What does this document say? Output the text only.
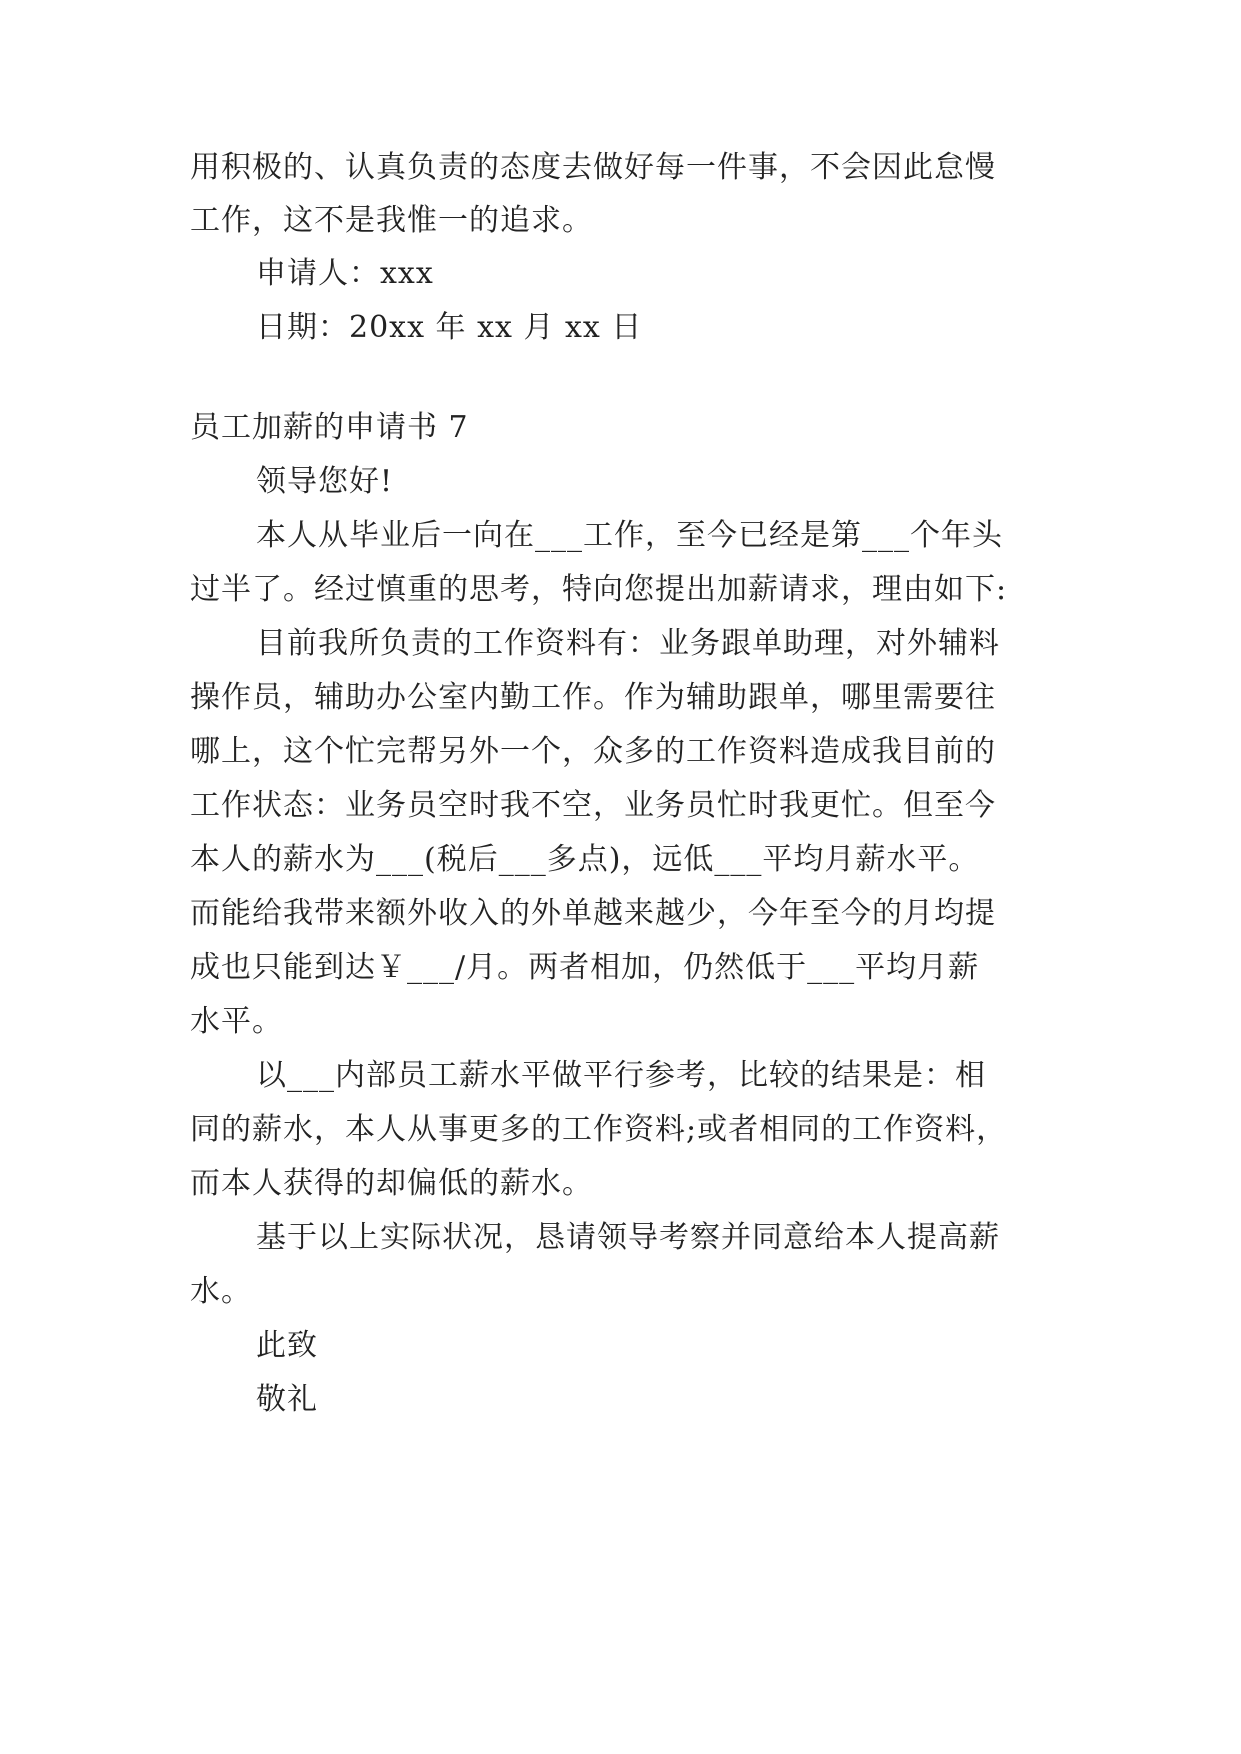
用积极的、认真负责的态度去做好每一件事，不会因此怠慢
工作，这不是我惟一的追求。
申请人：xxx
日期：20xx 年 xx 月 xx 日
员工加薪的申请书 7
领导您好!
本人从毕业后一向在___工作，至今已经是第___个年头
过半了。经过慎重的思考，特向您提出加薪请求，理由如下:
目前我所负责的工作资料有：业务跟单助理，对外辅料
操作员，辅助办公室内勤工作。作为辅助跟单，哪里需要往
哪上，这个忙完帮另外一个，众多的工作资料造成我目前的
工作状态：业务员空时我不空，业务员忙时我更忙。但至今
本人的薪水为___(税后___多点)，远低___平均月薪水平。
而能给我带来额外收入的外单越来越少，今年至今的月均提
成也只能到达￥___/月。两者相加，仍然低于___平均月薪
水平。
以___内部员工薪水平做平行参考，比较的结果是：相
同的薪水，本人从事更多的工作资料;或者相同的工作资料，
而本人获得的却偏低的薪水。
基于以上实际状况，恳请领导考察并同意给本人提高薪
水。
此致
敬礼
